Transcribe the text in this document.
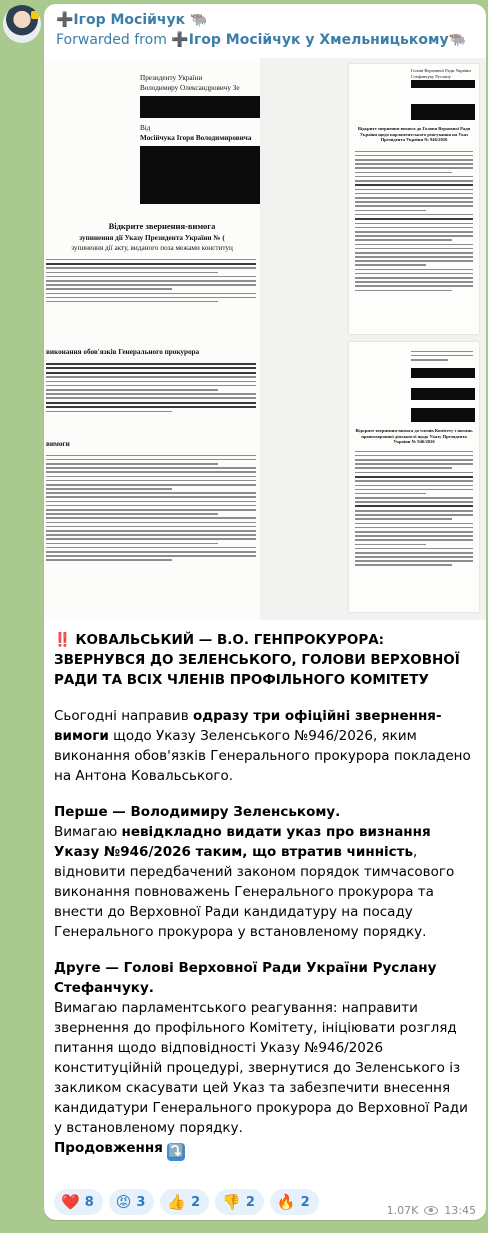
➕Ігор Мосійчук 🐃
Forwarded from ➕Ігор Мосійчук у Хмельницькому🐃
Президенту України
Володимиру Олександровичу Зе
Від
Мосійчука Ігоря Володимировича
Відкрите звернення-вимога
зупинення дії Указу Президента України № (
зупинення дії акту, виданого поза межами конституц
виконання обов'язків Генерального прокурора
вимоги
Голові Верховної Ради України Стефанчуку Руслану
Відкрите звернення-вимога до Голови Верховної Ради України щодо парламентського реагування на Указ Президента України № 946/2026
Відкрите звернення-вимога до членів Комітету з питань правоохоронної діяльності щодо Указу Президента України № 946/2026

‼️ КОВАЛЬСЬКИЙ — В.О. ГЕНПРОКУРОРА: ЗВЕРНУВСЯ ДО ЗЕЛЕНСЬКОГО, ГОЛОВИ ВЕРХОВНОЇ РАДИ ТА ВСІХ ЧЛЕНІВ ПРОФІЛЬНОГО КОМІТЕТУ

Сьогодні направив одразу три офіційні звернення-вимоги щодо Указу Зеленського №946/2026, яким виконання обов'язків Генерального прокурора покладено на Антона Ковальського.

Перше — Володимиру Зеленському.
Вимагаю невідкладно видати указ про визнання Указу №946/2026 таким, що втратив чинність, відновити передбачений законом порядок тимчасового виконання повноважень Генерального прокурора та внести до Верховної Ради кандидатуру на посаду Генерального прокурора у встановленому порядку.

Друге — Голові Верховної Ради України Руслану Стефанчуку.
Вимагаю парламентського реагування: направити звернення до профільного Комітету, ініціювати розгляд питання щодо відповідності Указу №946/2026 конституційній процедурі, звернутися до Зеленського із закликом скасувати цей Указ та забезпечити внесення кандидатури Генерального прокурора до Верховної Ради у встановленому порядку.
Продовження ⤵️

❤️ 8 😡 3 👍 2 👎 2 🔥 2
1.07K 13:45
